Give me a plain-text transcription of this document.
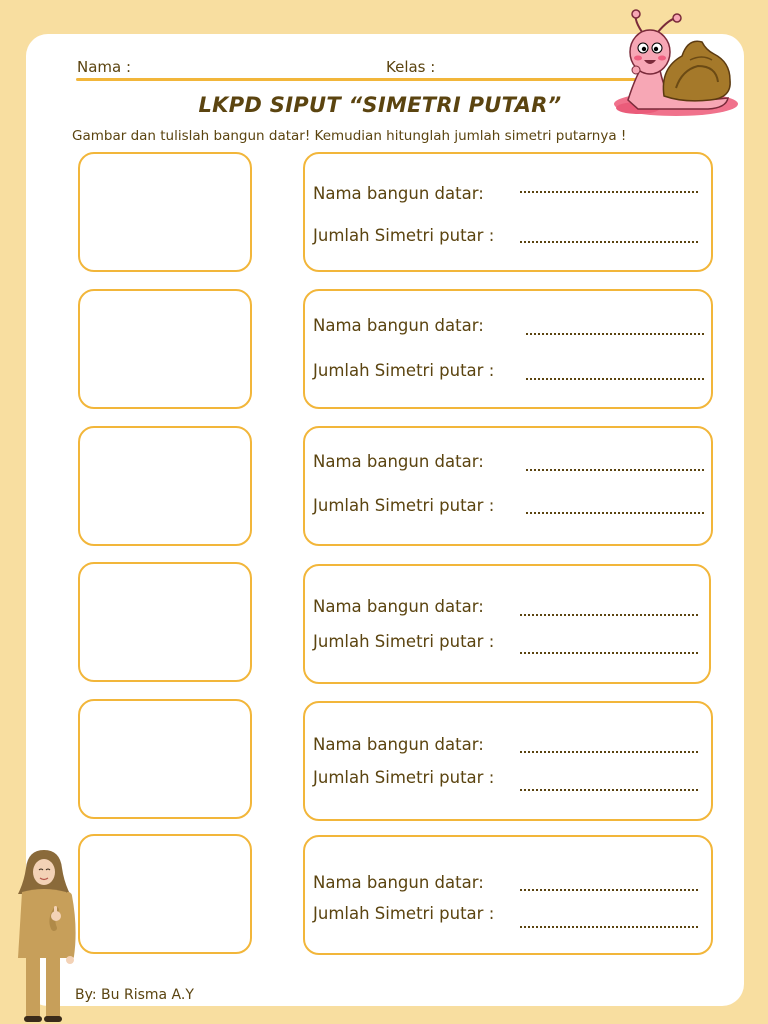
Nama :	Kelas :
LKPD SIPUT “SIMETRI PUTAR”
Gambar dan tulislah bangun datar! Kemudian hitunglah jumlah simetri putarnya !
Nama bangun datar:
Jumlah Simetri putar :
Nama bangun datar:
Jumlah Simetri putar :
Nama bangun datar:
Jumlah Simetri putar :
Nama bangun datar:
Jumlah Simetri putar :
Nama bangun datar:
Jumlah Simetri putar :
Nama bangun datar:
Jumlah Simetri putar :
By: Bu Risma A.Y
